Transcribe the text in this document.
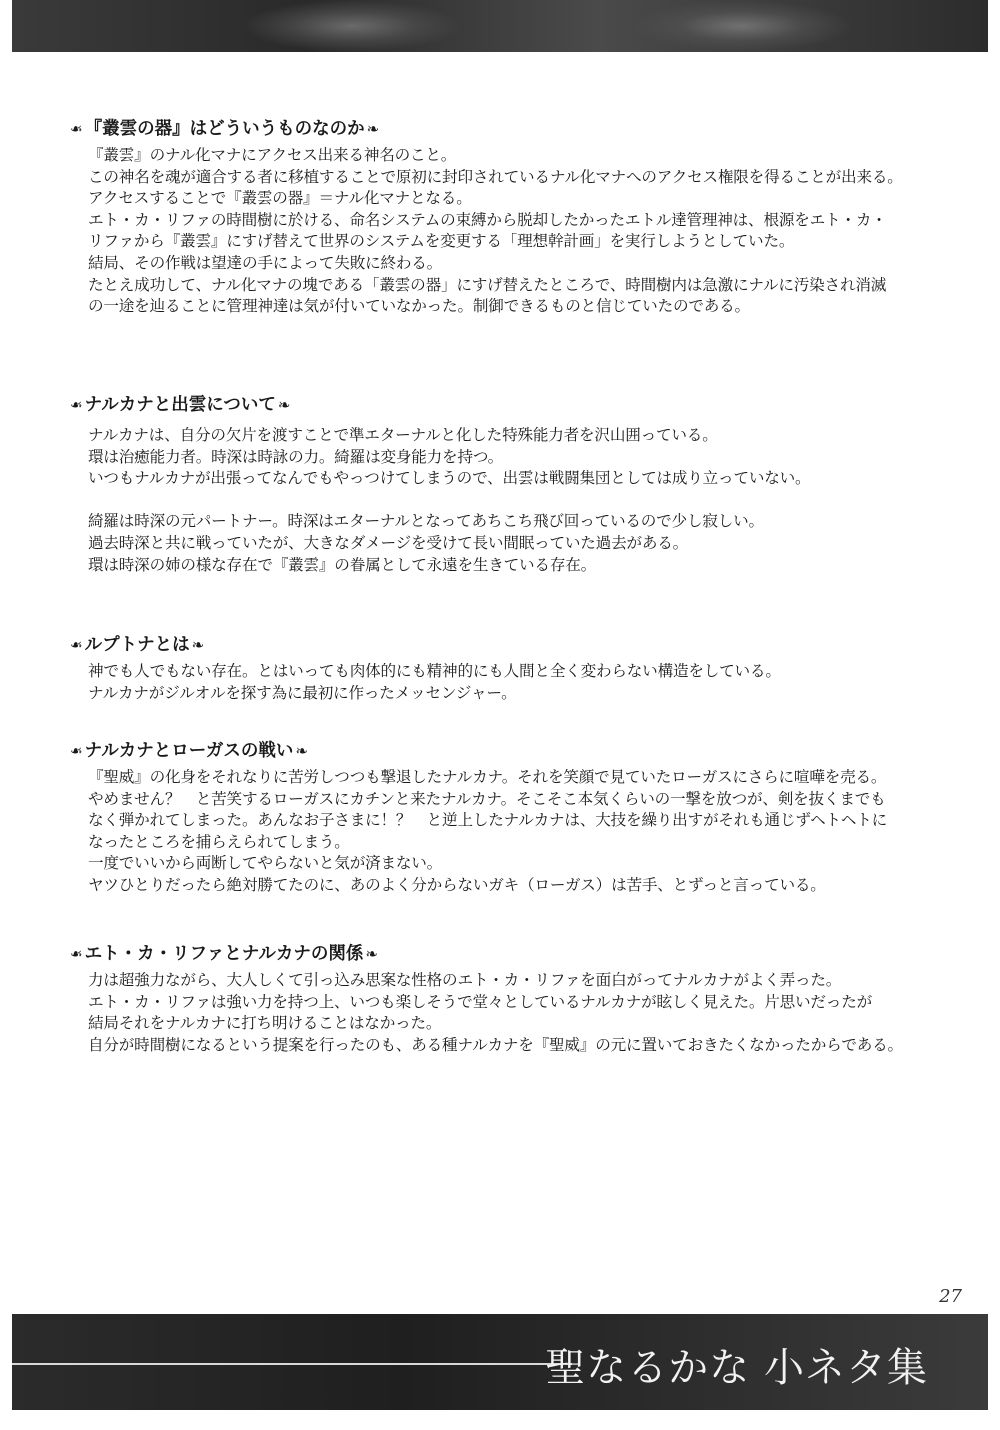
❧ 『叢雲の器』はどういうものなのか ❧
『叢雲』のナル化マナにアクセス出来る神名のこと。
この神名を魂が適合する者に移植することで原初に封印されているナル化マナへのアクセス権限を得ることが出来る。
アクセスすることで『叢雲の器』＝ナル化マナとなる。
エト・カ・リファの時間樹に於ける、命名システムの束縛から脱却したかったエトル達管理神は、根源をエト・カ・
リファから『叢雲』にすげ替えて世界のシステムを変更する「理想幹計画」を実行しようとしていた。
結局、その作戦は望達の手によって失敗に終わる。
たとえ成功して、ナル化マナの塊である「叢雲の器」にすげ替えたところで、時間樹内は急激にナルに汚染され消滅
の一途を辿ることに管理神達は気が付いていなかった。制御できるものと信じていたのである。
❧ ナルカナと出雲について ❧
ナルカナは、自分の欠片を渡すことで準エターナルと化した特殊能力者を沢山囲っている。
環は治癒能力者。時深は時詠の力。綺羅は変身能力を持つ。
いつもナルカナが出張ってなんでもやっつけてしまうので、出雲は戦闘集団としては成り立っていない。
綺羅は時深の元パートナー。時深はエターナルとなってあちこち飛び回っているので少し寂しい。
過去時深と共に戦っていたが、大きなダメージを受けて長い間眠っていた過去がある。
環は時深の姉の様な存在で『叢雲』の眷属として永遠を生きている存在。
❧ ルプトナとは ❧
神でも人でもない存在。とはいっても肉体的にも精神的にも人間と全く変わらない構造をしている。
ナルカナがジルオルを探す為に最初に作ったメッセンジャー。
❧ ナルカナとローガスの戦い ❧
『聖威』の化身をそれなりに苦労しつつも撃退したナルカナ。それを笑顔で見ていたローガスにさらに喧嘩を売る。
やめません？　と苦笑するローガスにカチンと来たナルカナ。そこそこ本気くらいの一撃を放つが、剣を抜くまでも
なく弾かれてしまった。あんなお子さまに！？　と逆上したナルカナは、大技を繰り出すがそれも通じずヘトヘトに
なったところを捕らえられてしまう。
一度でいいから両断してやらないと気が済まない。
ヤツひとりだったら絶対勝てたのに、あのよく分からないガキ（ローガス）は苦手、とずっと言っている。
❧ エト・カ・リファとナルカナの関係 ❧
力は超強力ながら、大人しくて引っ込み思案な性格のエト・カ・リファを面白がってナルカナがよく弄った。
エト・カ・リファは強い力を持つ上、いつも楽しそうで堂々としているナルカナが眩しく見えた。片思いだったが
結局それをナルカナに打ち明けることはなかった。
自分が時間樹になるという提案を行ったのも、ある種ナルカナを『聖威』の元に置いておきたくなかったからである。
27
聖なるかな 小ネタ集
